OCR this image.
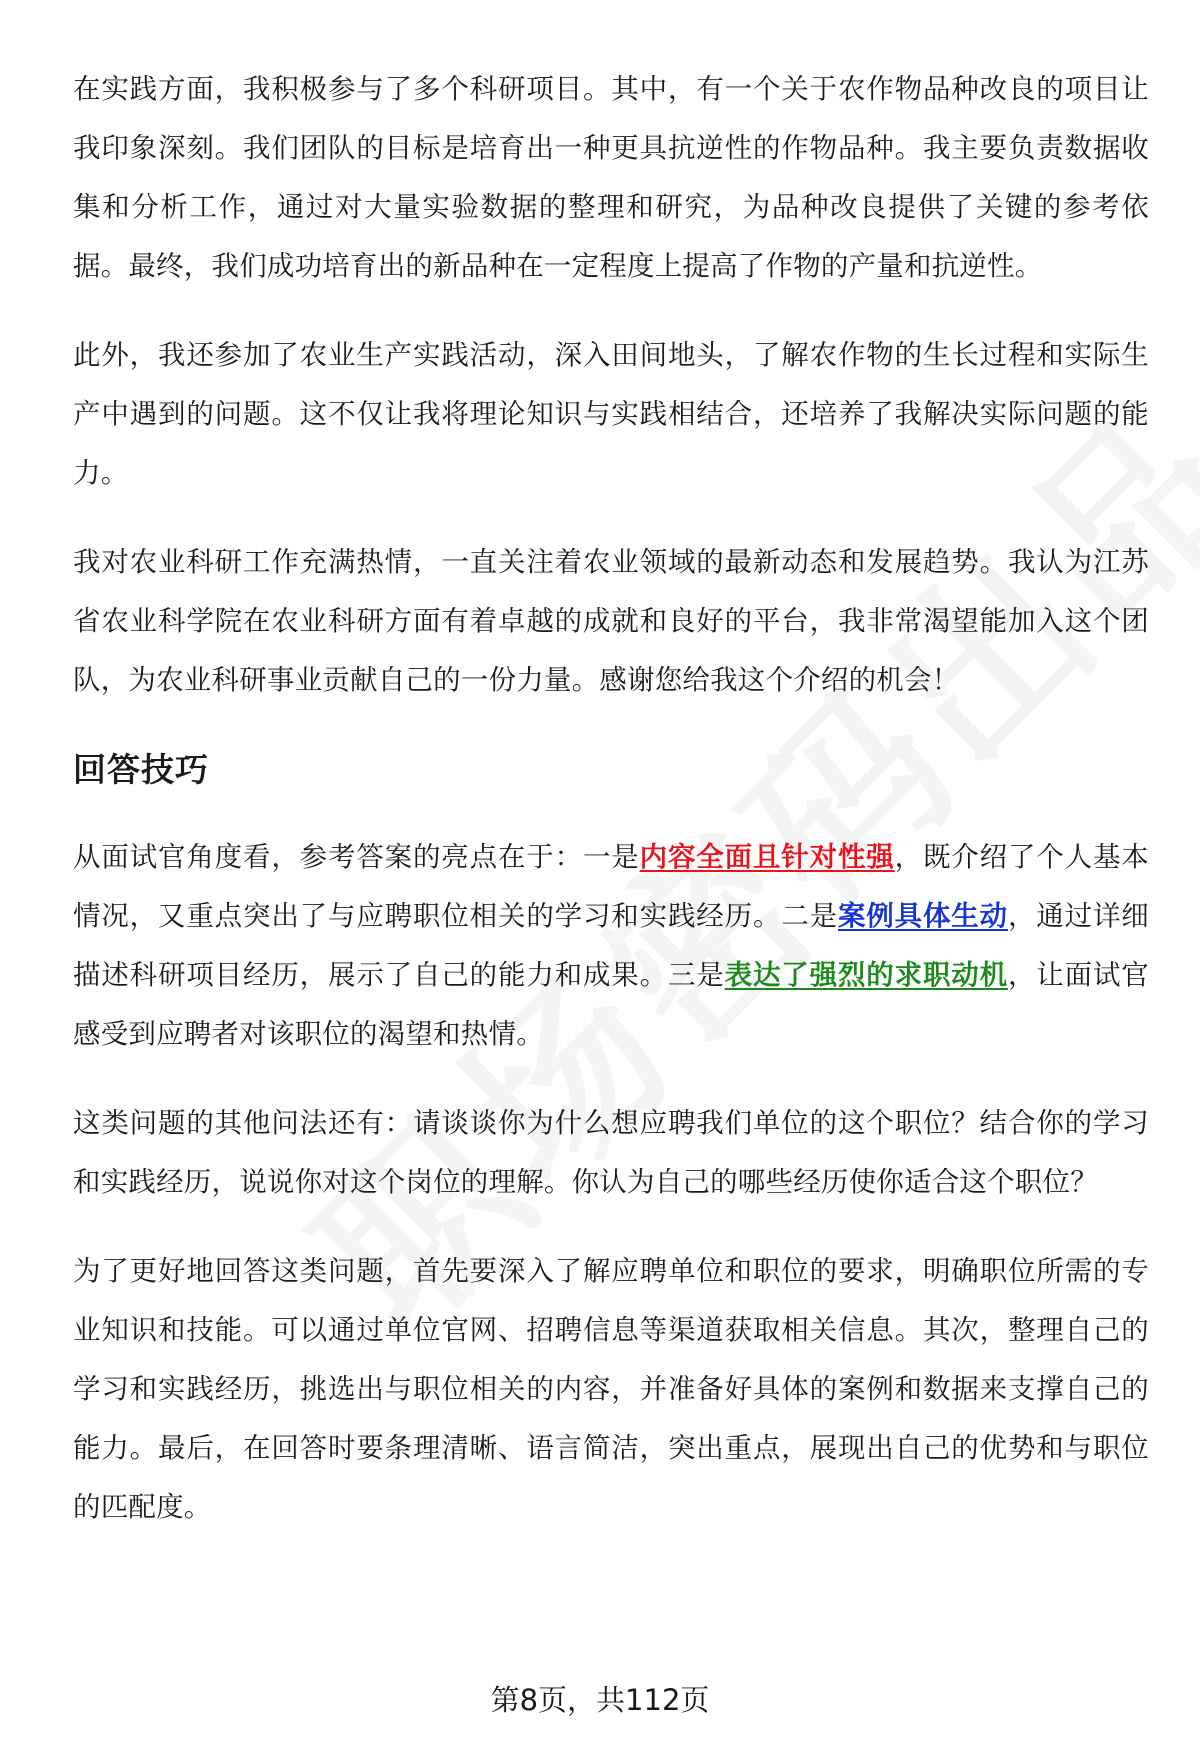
在实践方面，我积极参与了多个科研项目。其中，有一个关于农作物品种改良的项目让我印象深刻。我们团队的目标是培育出一种更具抗逆性的作物品种。我主要负责数据收集和分析工作，通过对大量实验数据的整理和研究，为品种改良提供了关键的参考依据。最终，我们成功培育出的新品种在一定程度上提高了作物的产量和抗逆性。

此外，我还参加了农业生产实践活动，深入田间地头，了解农作物的生长过程和实际生产中遇到的问题。这不仅让我将理论知识与实践相结合，还培养了我解决实际问题的能力。

我对农业科研工作充满热情，一直关注着农业领域的最新动态和发展趋势。我认为江苏省农业科学院在农业科研方面有着卓越的成就和良好的平台，我非常渴望能加入这个团队，为农业科研事业贡献自己的一份力量。感谢您给我这个介绍的机会！

回答技巧

从面试官角度看，参考答案的亮点在于：一是内容全面且针对性强，既介绍了个人基本情况，又重点突出了与应聘职位相关的学习和实践经历。二是案例具体生动，通过详细描述科研项目经历，展示了自己的能力和成果。三是表达了强烈的求职动机，让面试官感受到应聘者对该职位的渴望和热情。

这类问题的其他问法还有：请谈谈你为什么想应聘我们单位的这个职位？结合你的学习和实践经历，说说你对这个岗位的理解。你认为自己的哪些经历使你适合这个职位？

为了更好地回答这类问题，首先要深入了解应聘单位和职位的要求，明确职位所需的专业知识和技能。可以通过单位官网、招聘信息等渠道获取相关信息。其次，整理自己的学习和实践经历，挑选出与职位相关的内容，并准备好具体的案例和数据来支撑自己的能力。最后，在回答时要条理清晰、语言简洁，突出重点，展现出自己的优势和与职位的匹配度。

第8页，共112页
